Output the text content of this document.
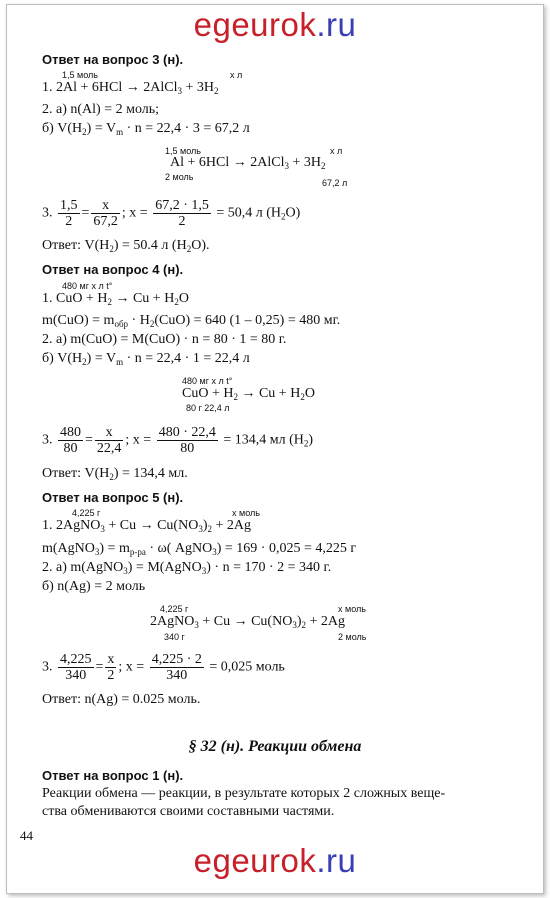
egeurok.ru
Ответ на вопрос 3 (н).
1,5 моль	х л
1. 2Al + 6HCl → 2AlCl$_3$ + $3H_2$
2. а) n(Al) = 2 моль;
б) $V(H_2) = V_m \cdot n = 22,4 \cdot 3 = 67,2$ л
1,5 моль	х л
Al + 6HCl → 2AlCl$_3$ + $3H_2$
2 моль
67,2 л
3. $\frac{1,5}{2} = \frac{х}{67,2}$ ; $х = \frac{67,2 \cdot 1,5}{2} = 50,4$ л $(H_2O)$
Ответ: $V(H_2) = 50.4$ л $(H_2O)$.
Ответ на вопрос 4 (н).
480 мг х л t°
1. CuO + $H_2 \to Cu + H_2O$
$m(CuO) = m_{обр} \cdot H_2(CuO) = 640$ (1 – 0,25) = 480 мг.
2. а) m(CuO) = M(CuO) · n = 80 · 1 = 80 г.
б) $V(H_2) = V_m \cdot n = 22,4 \cdot 1 = 22,4$ л
480 мг х л t°
CuO + $H_2 \to Cu + H_2O$
80 г 22,4 л
3. $\frac{480}{80} = \frac{х}{22,4}$ ; $х = \frac{480 \cdot 22,4}{80} = 134,4$ мл $(H_2)$
Ответ: $V(H_2) = 134,4$ мл.
Ответ на вопрос 5 (н).
4,225 г	х моль
1. 2AgNO$_3$ + $Cu \to Cu(NO_3)_2 + 2Ag$
m(AgNO$_3$) = $m_{р-ра} \cdot \omega$( AgNO$_3$) = 169 · 0,025 = 4,225 г
2. а) m(AgNO$_3$) = M(AgNO$_3$) · n = 170 · 2 = 340 г.
б) n(Ag) = 2 моль
4,225 г	х моль
2AgNO$_3$ + $Cu \to Cu(NO_3)_2 + 2Ag$
340 г	2 моль
3. $\frac{4,225}{340} = \frac{х}{2}$ ; $х = \frac{4,225 \cdot 2}{340} = 0,025$ моль
Ответ: n(Ag) = 0.025 моль.
§ 32 (н). Реакции обмена
Ответ на вопрос 1 (н).
Реакции обмена — реакции, в результате которых 2 сложных веще-
ства обмениваются своими составными частями.
44
egeurok.ru
